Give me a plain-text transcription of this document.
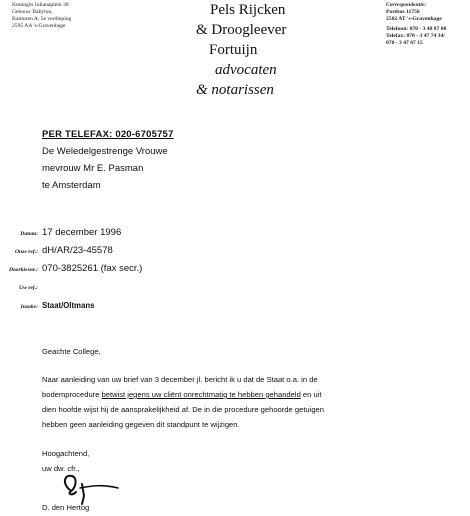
Koningin Julianaplein 30
Gebouw Babylon,
Kantoren A, 5e verdieping
2595 AA 's-Gravenhage
Pels Rijcken
& Droogleever
Fortuijn
advocaten
& notarissen
Correspondentie:
Postbus 11756
2502 AT 's-Gravenhage
Telefoon: 070 - 3 48 87 00
Telefax: 070 - 3 47 74 34/
070 - 3 47 67 15
PER TELEFAX: 020-6705757
De Weledelgestrenge Vrouwe
mevrouw Mr E. Pasman
te Amsterdam
Datum: 17 december 1996
Onze ref.: dH/AR/23-45578
Doorkiesnr.: 070-3825261 (fax secr.)
Uw ref.:
Inzake: Staat/Oltmans
Geachte College,
Naar aanleiding van uw brief van 3 december jl. bericht ik u dat de Staat o.a. in de
bodemprocedure betwist jegens uw cliënt onrechtmatig te hebben gehandeld en uit
dien hoofde wijst hij de aansprakelijkheid af. De in die procedure gehoorde getuigen
hebben geen aanleiding gegeven dit standpunt te wijzigen.
Hoogachtend,
uw dw. cfr.,
D. den Hertog
